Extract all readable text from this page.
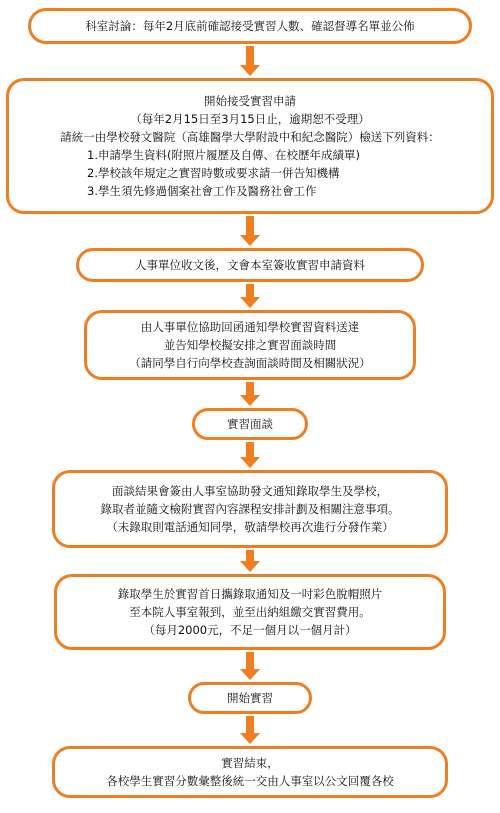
科室討論：每年2月底前確認接受實習人數、確認督導名單並公佈
開始接受實習申請
（每年2月15日至3月15日止，逾期恕不受理）
請統一由學校發文醫院（高雄醫學大學附設中和紀念醫院）檢送下列資料：
1.申請學生資料(附照片履歷及自傳、在校歷年成績單)
2.學校該年規定之實習時數或要求請一併告知機構
3.學生須先修過個案社會工作及醫務社會工作
人事單位收文後，文會本室簽收實習申請資料
由人事單位協助回函通知學校實習資料送達
並告知學校擬安排之實習面談時間
（請同學自行向學校查詢面談時間及相關狀況）
實習面談
面談結果會簽由人事室協助發文通知錄取學生及學校，
錄取者並隨文檢附實習內容課程安排計劃及相關注意事項。
（未錄取則電話通知同學，敬請學校再次進行分發作業）
錄取學生於實習首日攜錄取通知及一吋彩色脫帽照片
至本院人事室報到，並至出納組繳交實習費用。
（每月2000元，不足一個月以一個月計）
開始實習
實習結束，
各校學生實習分數彙整後統一交由人事室以公文回覆各校
